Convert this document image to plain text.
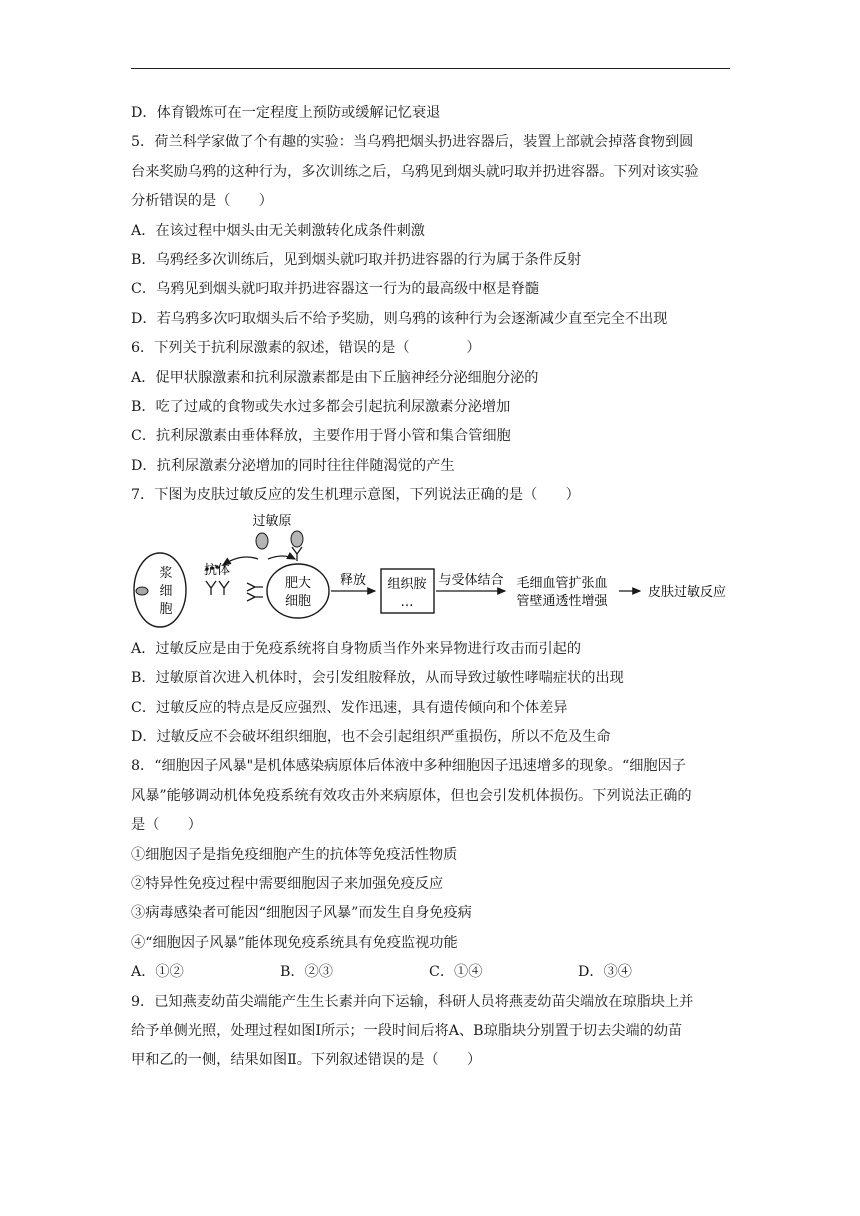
D．体育锻炼可在一定程度上预防或缓解记忆衰退
5．荷兰科学家做了个有趣的实验：当乌鸦把烟头扔进容器后，装置上部就会掉落食物到圆
台来奖励乌鸦的这种行为，多次训练之后，乌鸦见到烟头就叼取并扔进容器。下列对该实验
分析错误的是（　　）
A．在该过程中烟头由无关刺激转化成条件刺激
B．乌鸦经多次训练后，见到烟头就叼取并扔进容器的行为属于条件反射
C．乌鸦见到烟头就叼取并扔进容器这一行为的最高级中枢是脊髓
D．若乌鸦多次叼取烟头后不给予奖励，则乌鸦的该种行为会逐渐减少直至完全不出现
6．下列关于抗利尿激素的叙述，错误的是（　　　　）
A．促甲状腺激素和抗利尿激素都是由下丘脑神经分泌细胞分泌的
B．吃了过咸的食物或失水过多都会引起抗利尿激素分泌增加
C．抗利尿激素由垂体释放，主要作用于肾小管和集合管细胞
D．抗利尿激素分泌增加的同时往往伴随渴觉的产生
7．下图为皮肤过敏反应的发生机理示意图，下列说法正确的是（　　）
浆
细
胞
过敏原
抗体
肥大
细胞
释放 组织胺
…
与受体结合 毛细血管扩张血
管壁通透性增强
皮肤过敏反应
A．过敏反应是由于免疫系统将自身物质当作外来异物进行攻击而引起的
B．过敏原首次进入机体时，会引发组胺释放，从而导致过敏性哮喘症状的出现
C．过敏反应的特点是反应强烈、发作迅速，具有遗传倾向和个体差异
D．过敏反应不会破坏组织细胞，也不会引起组织严重损伤，所以不危及生命
8．“细胞因子风暴"是机体感染病原体后体液中多种细胞因子迅速增多的现象。“细胞因子
风暴”能够调动机体免疫系统有效攻击外来病原体，但也会引发机体损伤。下列说法正确的
是（　　）
①细胞因子是指免疫细胞产生的抗体等免疫活性物质
②特异性免疫过程中需要细胞因子来加强免疫反应
③病毒感染者可能因“细胞因子风暴”而发生自身免疫病
④“细胞因子风暴”能体现免疫系统具有免疫监视功能
A．①②	B．②③	C．①④	D．③④
9．已知燕麦幼苗尖端能产生生长素并向下运输，科研人员将燕麦幼苗尖端放在琼脂块上并
给予单侧光照，处理过程如图Ⅰ所示；一段时间后将A、B琼脂块分别置于切去尖端的幼苗
甲和乙的一侧，结果如图Ⅱ。下列叙述错误的是（　　）
